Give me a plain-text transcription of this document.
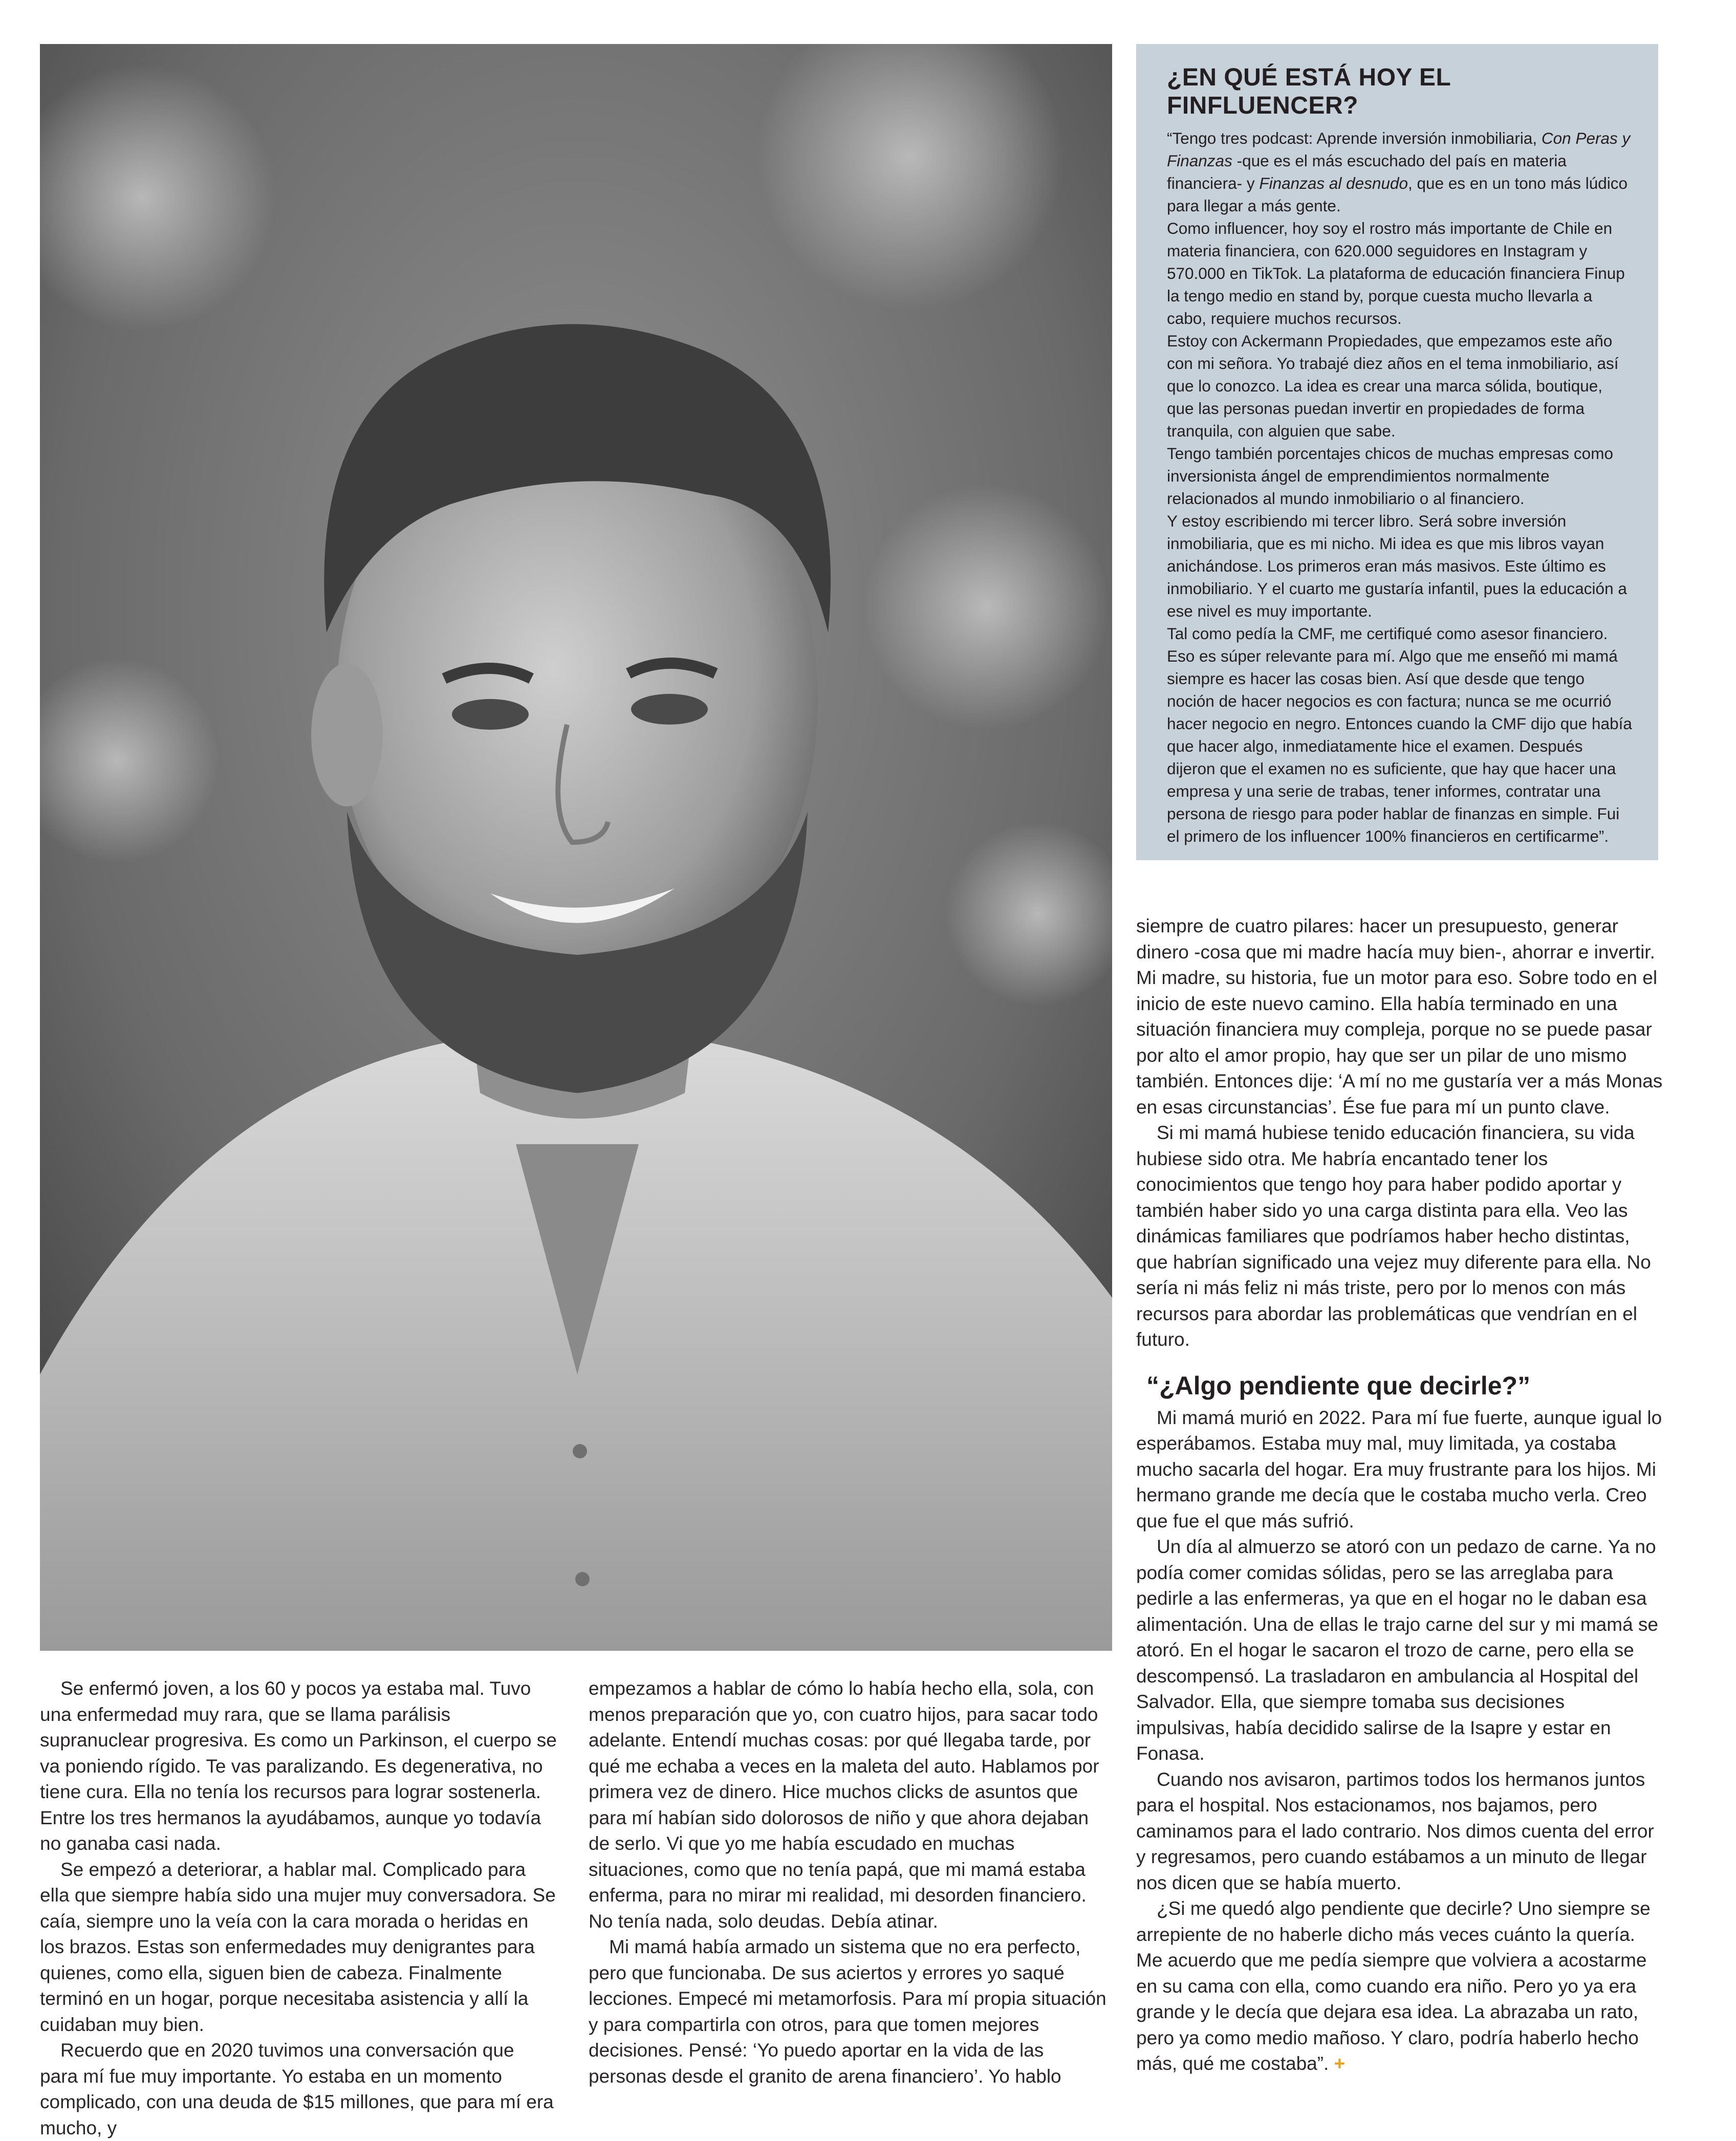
¿EN QUÉ ESTÁ HOY EL FINFLUENCER?

“Tengo tres podcast: Aprende inversión inmobiliaria, Con Peras y Finanzas -que es el más escuchado del país en materia financiera- y Finanzas al desnudo, que es en un tono más lúdico para llegar a más gente.

Como influencer, hoy soy el rostro más importante de Chile en materia financiera, con 620.000 seguidores en Instagram y 570.000 en TikTok. La plataforma de educación financiera Finup la tengo medio en stand by, porque cuesta mucho llevarla a cabo, requiere muchos recursos.

Estoy con Ackermann Propiedades, que empezamos este año con mi señora. Yo trabajé diez años en el tema inmobiliario, así que lo conozco. La idea es crear una marca sólida, boutique, que las personas puedan invertir en propiedades de forma tranquila, con alguien que sabe.

Tengo también porcentajes chicos de muchas empresas como inversionista ángel de emprendimientos normalmente relacionados al mundo inmobiliario o al financiero.

Y estoy escribiendo mi tercer libro. Será sobre inversión inmobiliaria, que es mi nicho. Mi idea es que mis libros vayan anichándose. Los primeros eran más masivos. Este último es inmobiliario. Y el cuarto me gustaría infantil, pues la educación a ese nivel es muy importante.

Tal como pedía la CMF, me certifiqué como asesor financiero. Eso es súper relevante para mí. Algo que me enseñó mi mamá siempre es hacer las cosas bien. Así que desde que tengo noción de hacer negocios es con factura; nunca se me ocurrió hacer negocio en negro. Entonces cuando la CMF dijo que había que hacer algo, inmediatamente hice el examen. Después dijeron que el examen no es suficiente, que hay que hacer una empresa y una serie de trabas, tener informes, contratar una persona de riesgo para poder hablar de finanzas en simple. Fui el primero de los influencer 100% financieros en certificarme”.

siempre de cuatro pilares: hacer un presupuesto, generar dinero -cosa que mi madre hacía muy bien-, ahorrar e invertir. Mi madre, su historia, fue un motor para eso. Sobre todo en el inicio de este nuevo camino. Ella había terminado en una situación financiera muy compleja, porque no se puede pasar por alto el amor propio, hay que ser un pilar de uno mismo también. Entonces dije: ‘A mí no me gustaría ver a más Monas en esas circunstancias’. Ése fue para mí un punto clave.

Si mi mamá hubiese tenido educación financiera, su vida hubiese sido otra. Me habría encantado tener los conocimientos que tengo hoy para haber podido aportar y también haber sido yo una carga distinta para ella. Veo las dinámicas familiares que podríamos haber hecho distintas, que habrían significado una vejez muy diferente para ella. No sería ni más feliz ni más triste, pero por lo menos con más recursos para abordar las problemáticas que vendrían en el futuro.

“¿Algo pendiente que decirle?”

Mi mamá murió en 2022. Para mí fue fuerte, aunque igual lo esperábamos. Estaba muy mal, muy limitada, ya costaba mucho sacarla del hogar. Era muy frustrante para los hijos. Mi hermano grande me decía que le costaba mucho verla. Creo que fue el que más sufrió.

Un día al almuerzo se atoró con un pedazo de carne. Ya no podía comer comidas sólidas, pero se las arreglaba para pedirle a las enfermeras, ya que en el hogar no le daban esa alimentación. Una de ellas le trajo carne del sur y mi mamá se atoró. En el hogar le sacaron el trozo de carne, pero ella se descompensó. La trasladaron en ambulancia al Hospital del Salvador. Ella, que siempre tomaba sus decisiones impulsivas, había decidido salirse de la Isapre y estar en Fonasa.

Cuando nos avisaron, partimos todos los hermanos juntos para el hospital. Nos estacionamos, nos bajamos, pero caminamos para el lado contrario. Nos dimos cuenta del error y regresamos, pero cuando estábamos a un minuto de llegar nos dicen que se había muerto.

¿Si me quedó algo pendiente que decirle? Uno siempre se arrepiente de no haberle dicho más veces cuánto la quería. Me acuerdo que me pedía siempre que volviera a acostarme en su cama con ella, como cuando era niño. Pero yo ya era grande y le decía que dejara esa idea. La abrazaba un rato, pero ya como medio mañoso. Y claro, podría haberlo hecho más, qué me costaba”. +

Se enfermó joven, a los 60 y pocos ya estaba mal. Tuvo una enfermedad muy rara, que se llama parálisis supranuclear progresiva. Es como un Parkinson, el cuerpo se va poniendo rígido. Te vas paralizando. Es degenerativa, no tiene cura. Ella no tenía los recursos para lograr sostenerla. Entre los tres hermanos la ayudábamos, aunque yo todavía no ganaba casi nada.

Se empezó a deteriorar, a hablar mal. Complicado para ella que siempre había sido una mujer muy conversadora. Se caía, siempre uno la veía con la cara morada o heridas en los brazos. Estas son enfermedades muy denigrantes para quienes, como ella, siguen bien de cabeza. Finalmente terminó en un hogar, porque necesitaba asistencia y allí la cuidaban muy bien.

Recuerdo que en 2020 tuvimos una conversación que para mí fue muy importante. Yo estaba en un momento complicado, con una deuda de $15 millones, que para mí era mucho, y

empezamos a hablar de cómo lo había hecho ella, sola, con menos preparación que yo, con cuatro hijos, para sacar todo adelante. Entendí muchas cosas: por qué llegaba tarde, por qué me echaba a veces en la maleta del auto. Hablamos por primera vez de dinero. Hice muchos clicks de asuntos que para mí habían sido dolorosos de niño y que ahora dejaban de serlo. Vi que yo me había escudado en muchas situaciones, como que no tenía papá, que mi mamá estaba enferma, para no mirar mi realidad, mi desorden financiero. No tenía nada, solo deudas. Debía atinar.

Mi mamá había armado un sistema que no era perfecto, pero que funcionaba. De sus aciertos y errores yo saqué lecciones. Empecé mi metamorfosis. Para mí propia situación y para compartirla con otros, para que tomen mejores decisiones. Pensé: ‘Yo puedo aportar en la vida de las personas desde el granito de arena financiero’. Yo hablo
